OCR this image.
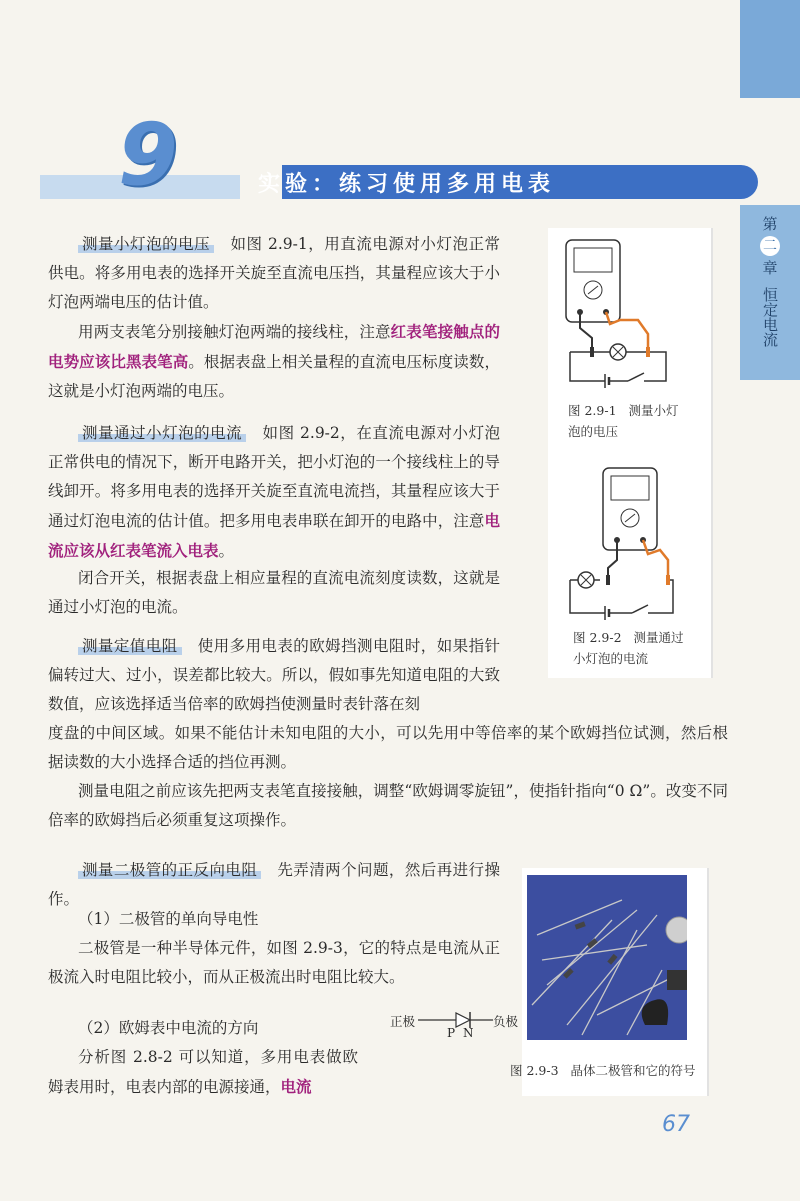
第
二
章
恒定电流
9	实验：练习使用多用电表
图 2.9-1 测量小灯
泡的电压
图 2.9-2 测量通过
小灯泡的电流

测量小灯泡的电压 如图 2.9-1，用直流电源对小灯泡正常供电。将多用电表的选择开关旋至直流电压挡，其量程应该大于小灯泡两端电压的估计值。

用两支表笔分别接触灯泡两端的接线柱，注意红表笔接触点的电势应该比黑表笔高。根据表盘上相关量程的直流电压标度读数，这就是小灯泡两端的电压。

测量通过小灯泡的电流 如图 2.9-2，在直流电源对小灯泡正常供电的情况下，断开电路开关，把小灯泡的一个接线柱上的导线卸开。将多用电表的选择开关旋至直流电流挡，其量程应该大于通过灯泡电流的估计值。把多用电表串联在卸开的电路中，注意电流应该从红表笔流入电表。

闭合开关，根据表盘上相应量程的直流电流刻度读数，这就是通过小灯泡的电流。

测量定值电阻 使用多用电表的欧姆挡测电阻时，如果指针偏转过大、过小，误差都比较大。所以，假如事先知道电阻的大致数值，应该选择适当倍率的欧姆挡使测量时表针落在刻

度盘的中间区域。如果不能估计未知电阻的大小，可以先用中等倍率的某个欧姆挡位试测，然后根据读数的大小选择合适的挡位再测。

测量电阻之前应该先把两支表笔直接接触，调整“欧姆调零旋钮”，使指针指向“0 Ω”。改变不同倍率的欧姆挡后必须重复这项操作。

测量二极管的正反向电阻 先弄清两个问题，然后再进行操作。

（1）二极管的单向导电性

二极管是一种半导体元件，如图 2.9-3，它的特点是电流从正极流入时电阻比较小，而从正极流出时电阻比较大。

（2）欧姆表中电流的方向

分析图 2.8-2 可以知道，多用电表做欧姆表用时，电表内部的电源接通，电流

正极	负极
P N
图 2.9-3 晶体二极管和它的符号
67
